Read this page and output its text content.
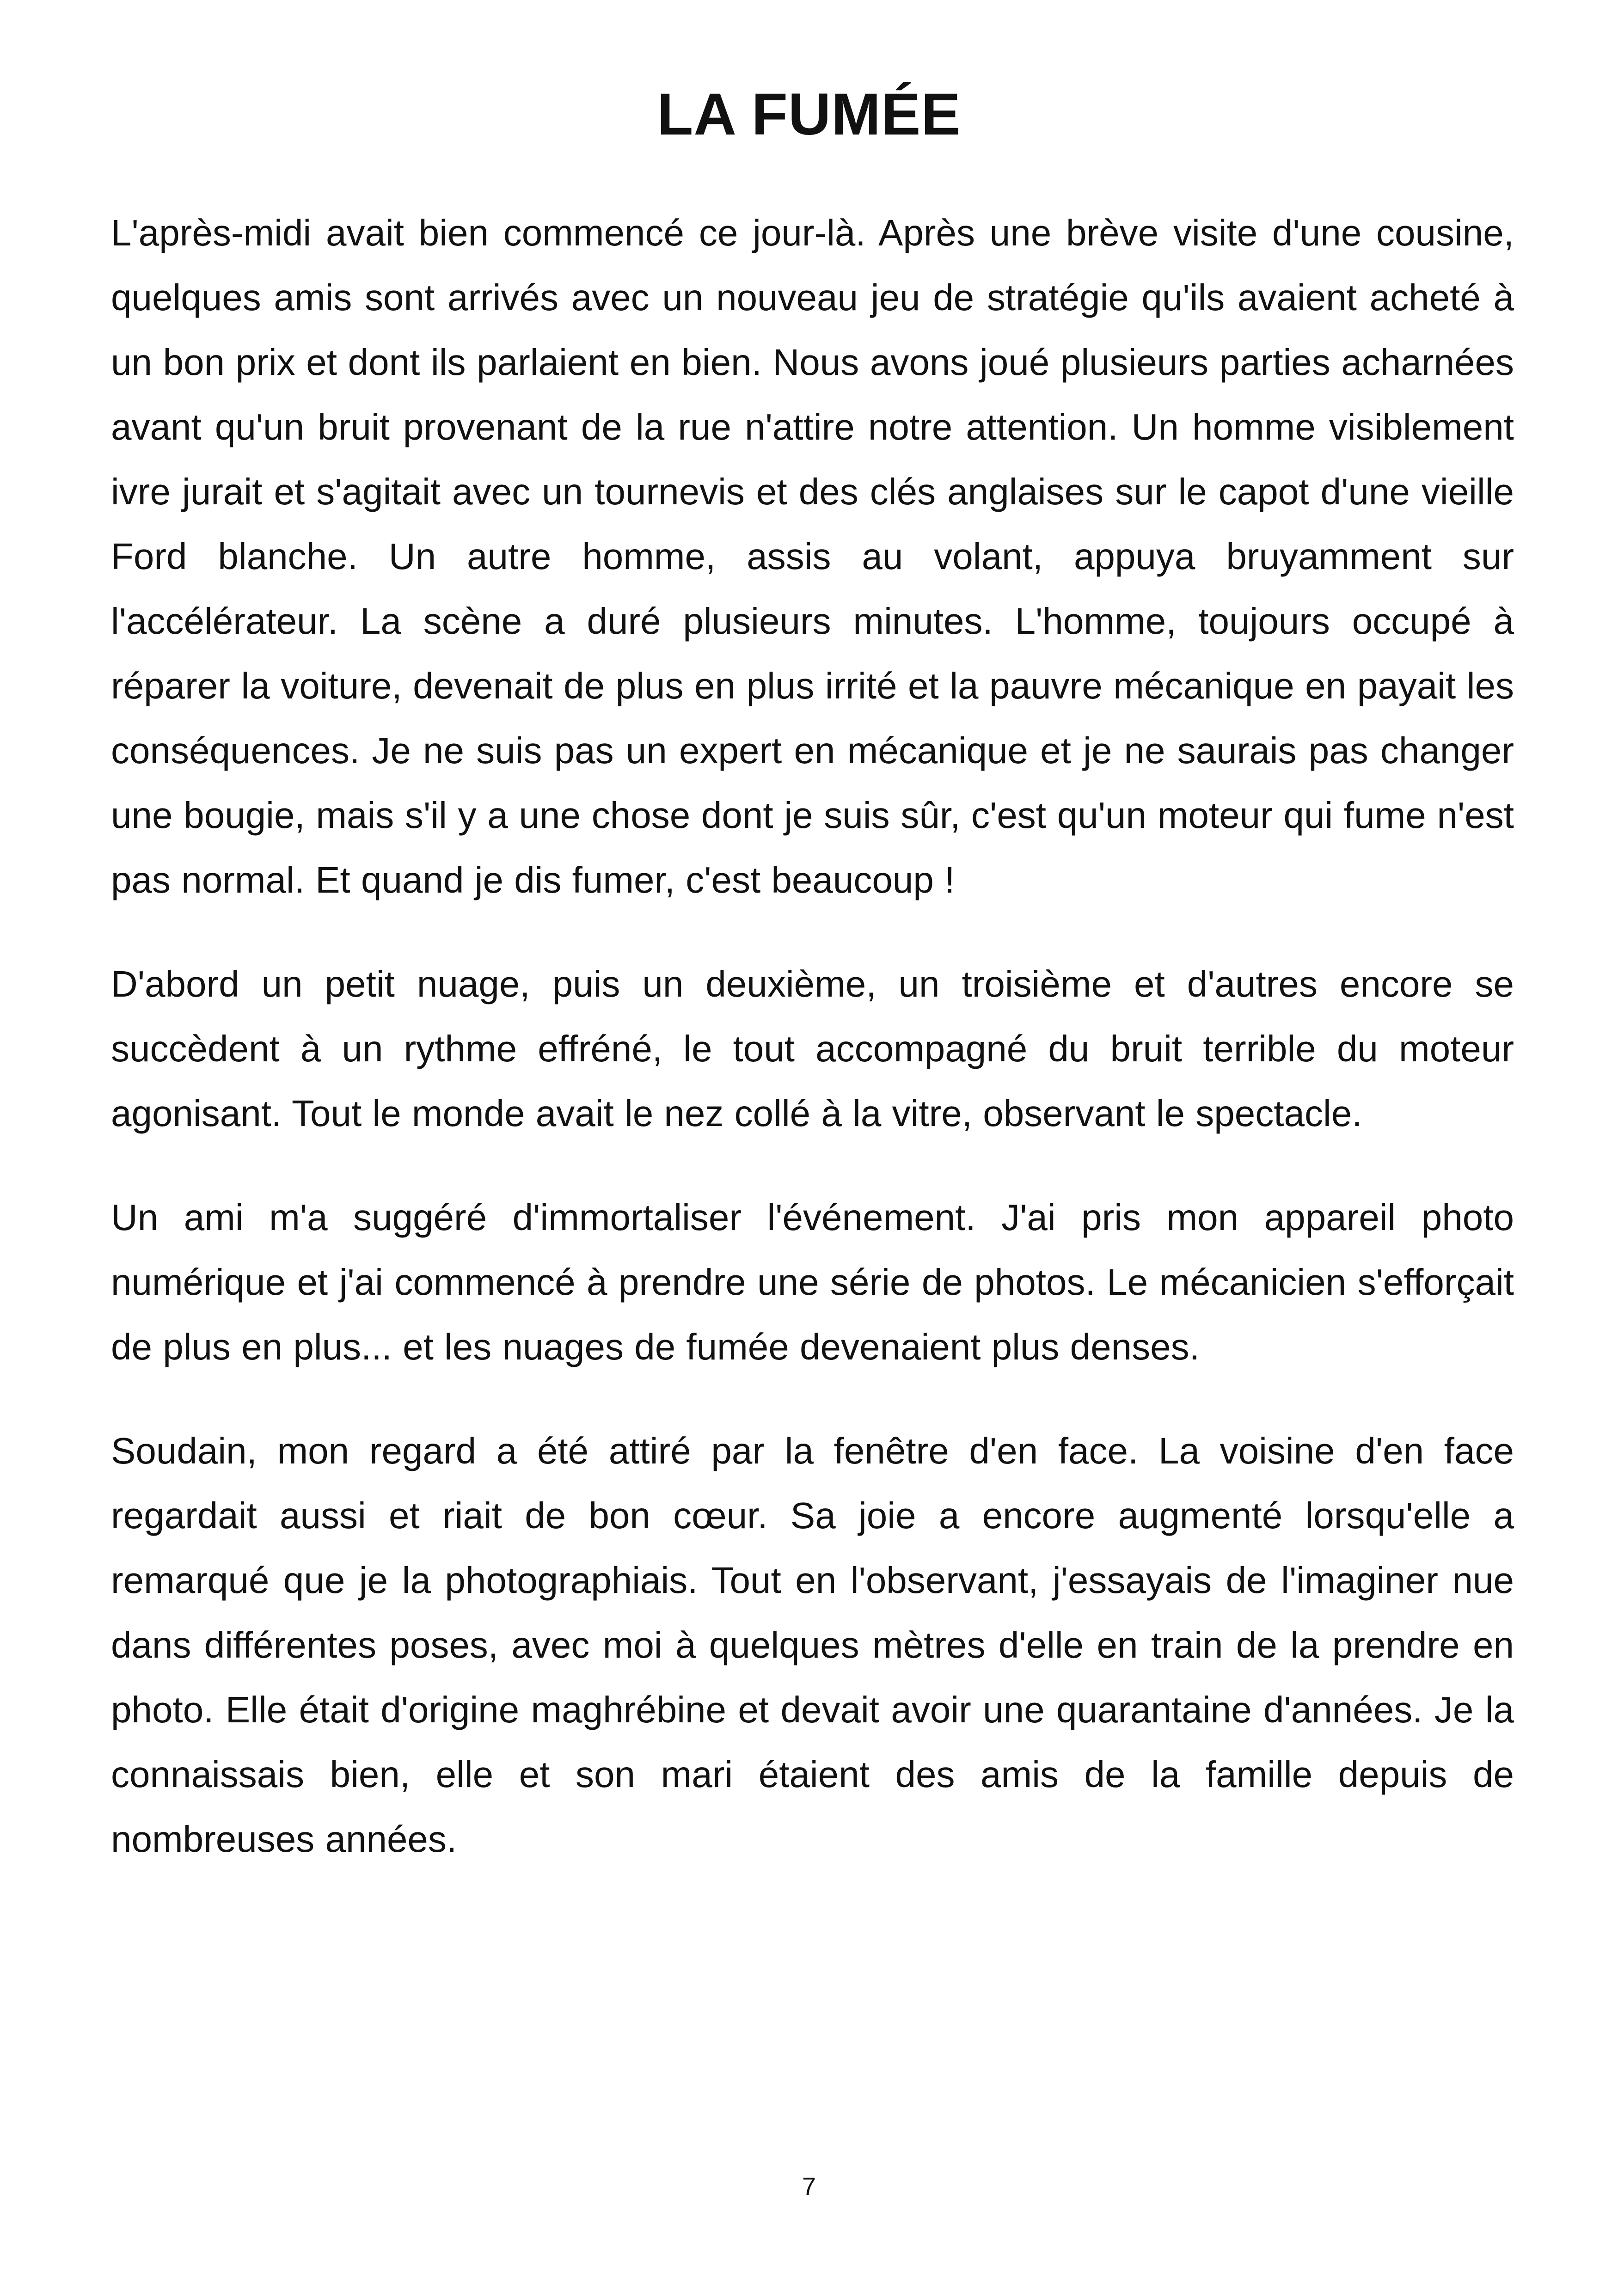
LA FUMÉE

L'après-midi avait bien commencé ce jour-là. Après une brève visite d'une cousine, quelques amis sont arrivés avec un nouveau jeu de stratégie qu'ils avaient acheté à un bon prix et dont ils parlaient en bien. Nous avons joué plusieurs parties acharnées avant qu'un bruit provenant de la rue n'attire notre attention. Un homme visiblement ivre jurait et s'agitait avec un tournevis et des clés anglaises sur le capot d'une vieille Ford blanche. Un autre homme, assis au volant, appuya bruyamment sur l'accélérateur. La scène a duré plusieurs minutes. L'homme, toujours occupé à réparer la voiture, devenait de plus en plus irrité et la pauvre mécanique en payait les conséquences. Je ne suis pas un expert en mécanique et je ne saurais pas changer une bougie, mais s'il y a une chose dont je suis sûr, c'est qu'un moteur qui fume n'est pas normal. Et quand je dis fumer, c'est beaucoup !

D'abord un petit nuage, puis un deuxième, un troisième et d'autres encore se succèdent à un rythme effréné, le tout accompagné du bruit terrible du moteur agonisant. Tout le monde avait le nez collé à la vitre, observant le spectacle.

Un ami m'a suggéré d'immortaliser l'événement. J'ai pris mon appareil photo numérique et j'ai commencé à prendre une série de photos. Le mécanicien s'efforçait de plus en plus... et les nuages de fumée devenaient plus denses.

Soudain, mon regard a été attiré par la fenêtre d'en face. La voisine d'en face regardait aussi et riait de bon cœur. Sa joie a encore augmenté lorsqu'elle a remarqué que je la photographiais. Tout en l'observant, j'essayais de l'imaginer nue dans différentes poses, avec moi à quelques mètres d'elle en train de la prendre en photo. Elle était d'origine maghrébine et devait avoir une quarantaine d'années. Je la connaissais bien, elle et son mari étaient des amis de la famille depuis de nombreuses années.

7
